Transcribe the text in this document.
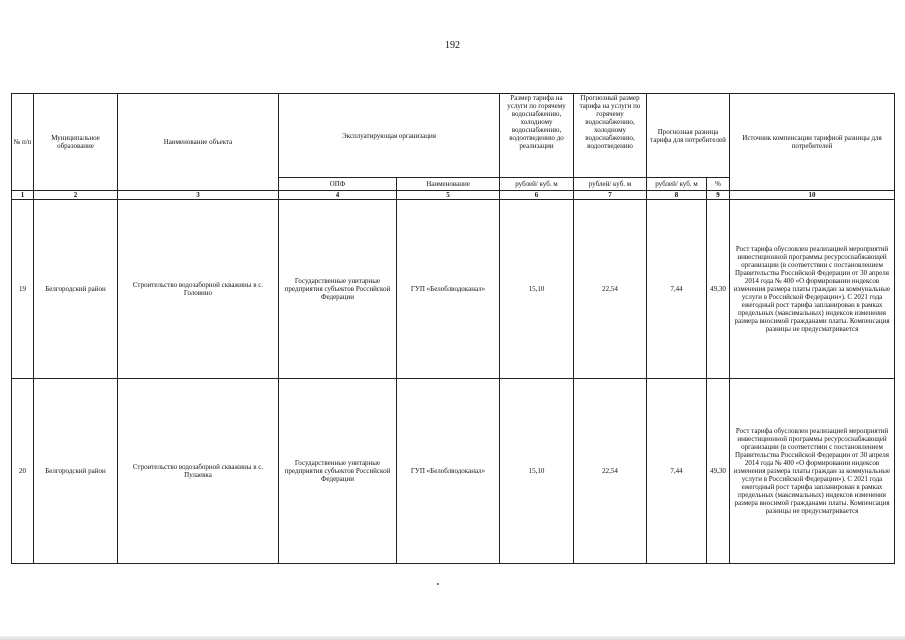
192
№ п/п	Муниципальное образование	Наименование объекта	Эксплуатирующая организация		Размер тарифа на услуги по горячему водоснабжению, холодному водоснабжению, водоотведению до реализации	Прогнозный размер тарифа на услуги по горячему водоснабжению, холодному водоснабжению, водоотведению	Прогнозная разница тарифа для потребителей		Источник компенсации тарифной разницы для потребителей
			ОПФ	Наименование	рублей/ куб. м	рублей/ куб. м	рублей/ куб. м	%	
1	2	3	4	5	6	7	8	9	10
19	Белгородский район	Строительство водозаборной скважины в с. Головино	Государственные унитарные предприятия субъектов Российской Федерации	ГУП «Белоблводоканал»	15,10	22,54	7,44	49,30	Рост тарифа обусловлен реализацией мероприятий инвестиционной программы ресурсоснабжающей организации (в соответствии с постановлением Правительства Российской Федерации от 30 апреля 2014 года № 400 «О формировании индексов изменения размера платы граждан за коммунальные услуги в Российской Федерации»). С 2021 года ежегодный рост тарифа запланирован в рамках предельных (максимальных) индексов изменения размера вносимой гражданами платы. Компенсация разницы не предусматривается
20	Белгородский район	Строительство водозаборной скважины в с. Пулаевка	Государственные унитарные предприятия субъектов Российской Федерации	ГУП «Белоблводоканал»	15,10	22,54	7,44	49,30	Рост тарифа обусловлен реализацией мероприятий инвестиционной программы ресурсоснабжающей организации (в соответствии с постановлением Правительства Российской Федерации от 30 апреля 2014 года № 400 «О формировании индексов изменения размера платы граждан за коммунальные услуги в Российской Федерации»). С 2021 года ежегодный рост тарифа запланирован в рамках предельных (максимальных) индексов изменения размера вносимой гражданами платы. Компенсация разницы не предусматривается
